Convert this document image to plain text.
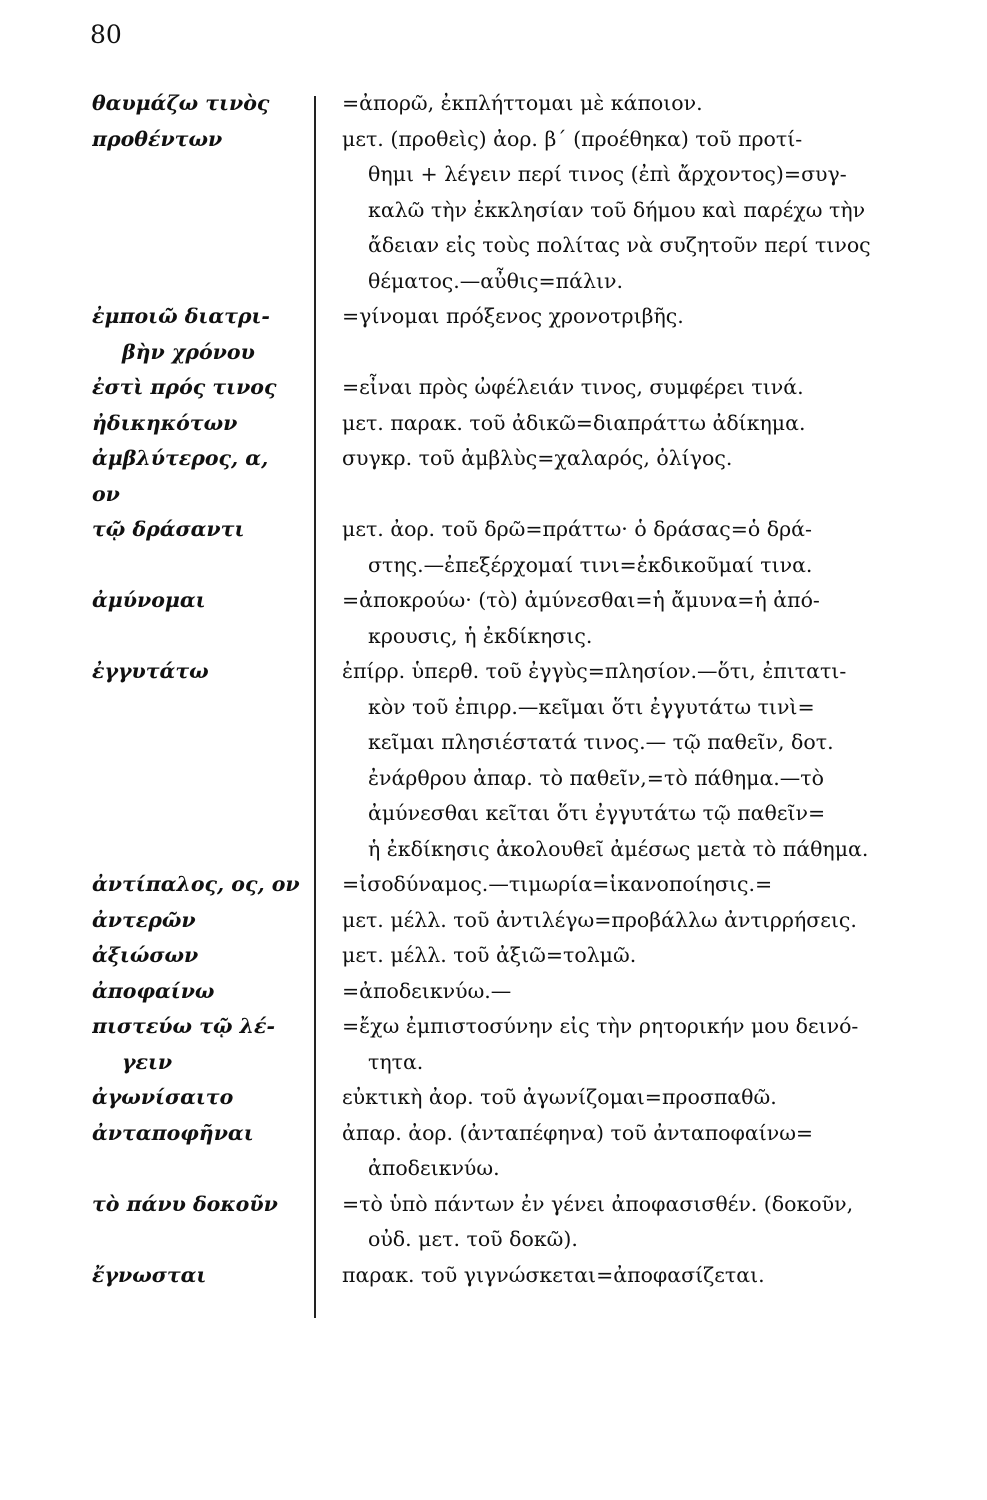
80
θαυμάζω τινὸς
προθέντων
ἐμποιῶ διατρι-
βὴν χρόνου
ἐστὶ πρός τινος
ἠδικηκότων
ἀμβλύτερος, α,
ον
τῷ δράσαντι
ἀμύνομαι
ἐγγυτάτω
ἀντίπαλος, ος, ον
ἀντερῶν
ἀξιώσων
ἀποφαίνω
πιστεύω τῷ λέ-
γειν
ἀγωνίσαιτο
ἀνταποφῆναι
τὸ πάνυ δοκοῦν
ἔγνωσται
=ἀπορῶ, ἐκπλήττομαι μὲ κάποιον.
μετ. (προθεὶς) ἀορ. β΄ (προέθηκα) τοῦ προτί-
θημι + λέγειν περί τινος (ἐπὶ ἄρχοντος)=συγ-
καλῶ τὴν ἐκκλησίαν τοῦ δήμου καὶ παρέχω τὴν
ἄδειαν εἰς τοὺς πολίτας νὰ συζητοῦν περί τινος
θέματος.—αὖθις=πάλιν.
=γίνομαι πρόξενος χρονοτριβῆς.
=εἶναι πρὸς ὠφέλειάν τινος, συμφέρει τινά.
μετ. παρακ. τοῦ ἀδικῶ=διαπράττω ἀδίκημα.
συγκρ. τοῦ ἀμβλὺς=χαλαρός, ὀλίγος.
μετ. ἀορ. τοῦ δρῶ=πράττω· ὁ δράσας=ὁ δρά-
στης.—ἐπεξέρχομαί τινι=ἐκδικοῦμαί τινα.
=ἀποκρούω· (τὸ) ἀμύνεσθαι=ἡ ἄμυνα=ἡ ἀπό-
κρουσις, ἡ ἐκδίκησις.
ἐπίρρ. ὑπερθ. τοῦ ἐγγὺς=πλησίον.—ὅτι, ἐπιτατι-
κὸν τοῦ ἐπιρρ.—κεῖμαι ὅτι ἐγγυτάτω τινὶ=
κεῖμαι πλησιέστατά τινος.— τῷ παθεῖν, δοτ.
ἐνάρθρου ἀπαρ. τὸ παθεῖν,=τὸ πάθημα.—τὸ
ἀμύνεσθαι κεῖται ὅτι ἐγγυτάτω τῷ παθεῖν=
ἡ ἐκδίκησις ἀκολουθεῖ ἀμέσως μετὰ τὸ πάθημα.
=ἰσοδύναμος.—τιμωρία=ἱκανοποίησις.=
μετ. μέλλ. τοῦ ἀντιλέγω=προβάλλω ἀντιρρήσεις.
μετ. μέλλ. τοῦ ἀξιῶ=τολμῶ.
=ἀποδεικνύω.—
=ἔχω ἐμπιστοσύνην εἰς τὴν ρητορικήν μου δεινό-
τητα.
εὐκτικὴ ἀορ. τοῦ ἀγωνίζομαι=προσπαθῶ.
ἀπαρ. ἀορ. (ἀνταπέφηνα) τοῦ ἀνταποφαίνω=
ἀποδεικνύω.
=τὸ ὑπὸ πάντων ἐν γένει ἀποφασισθέν. (δοκοῦν,
οὐδ. μετ. τοῦ δοκῶ).
παρακ. τοῦ γιγνώσκεται=ἀποφασίζεται.
